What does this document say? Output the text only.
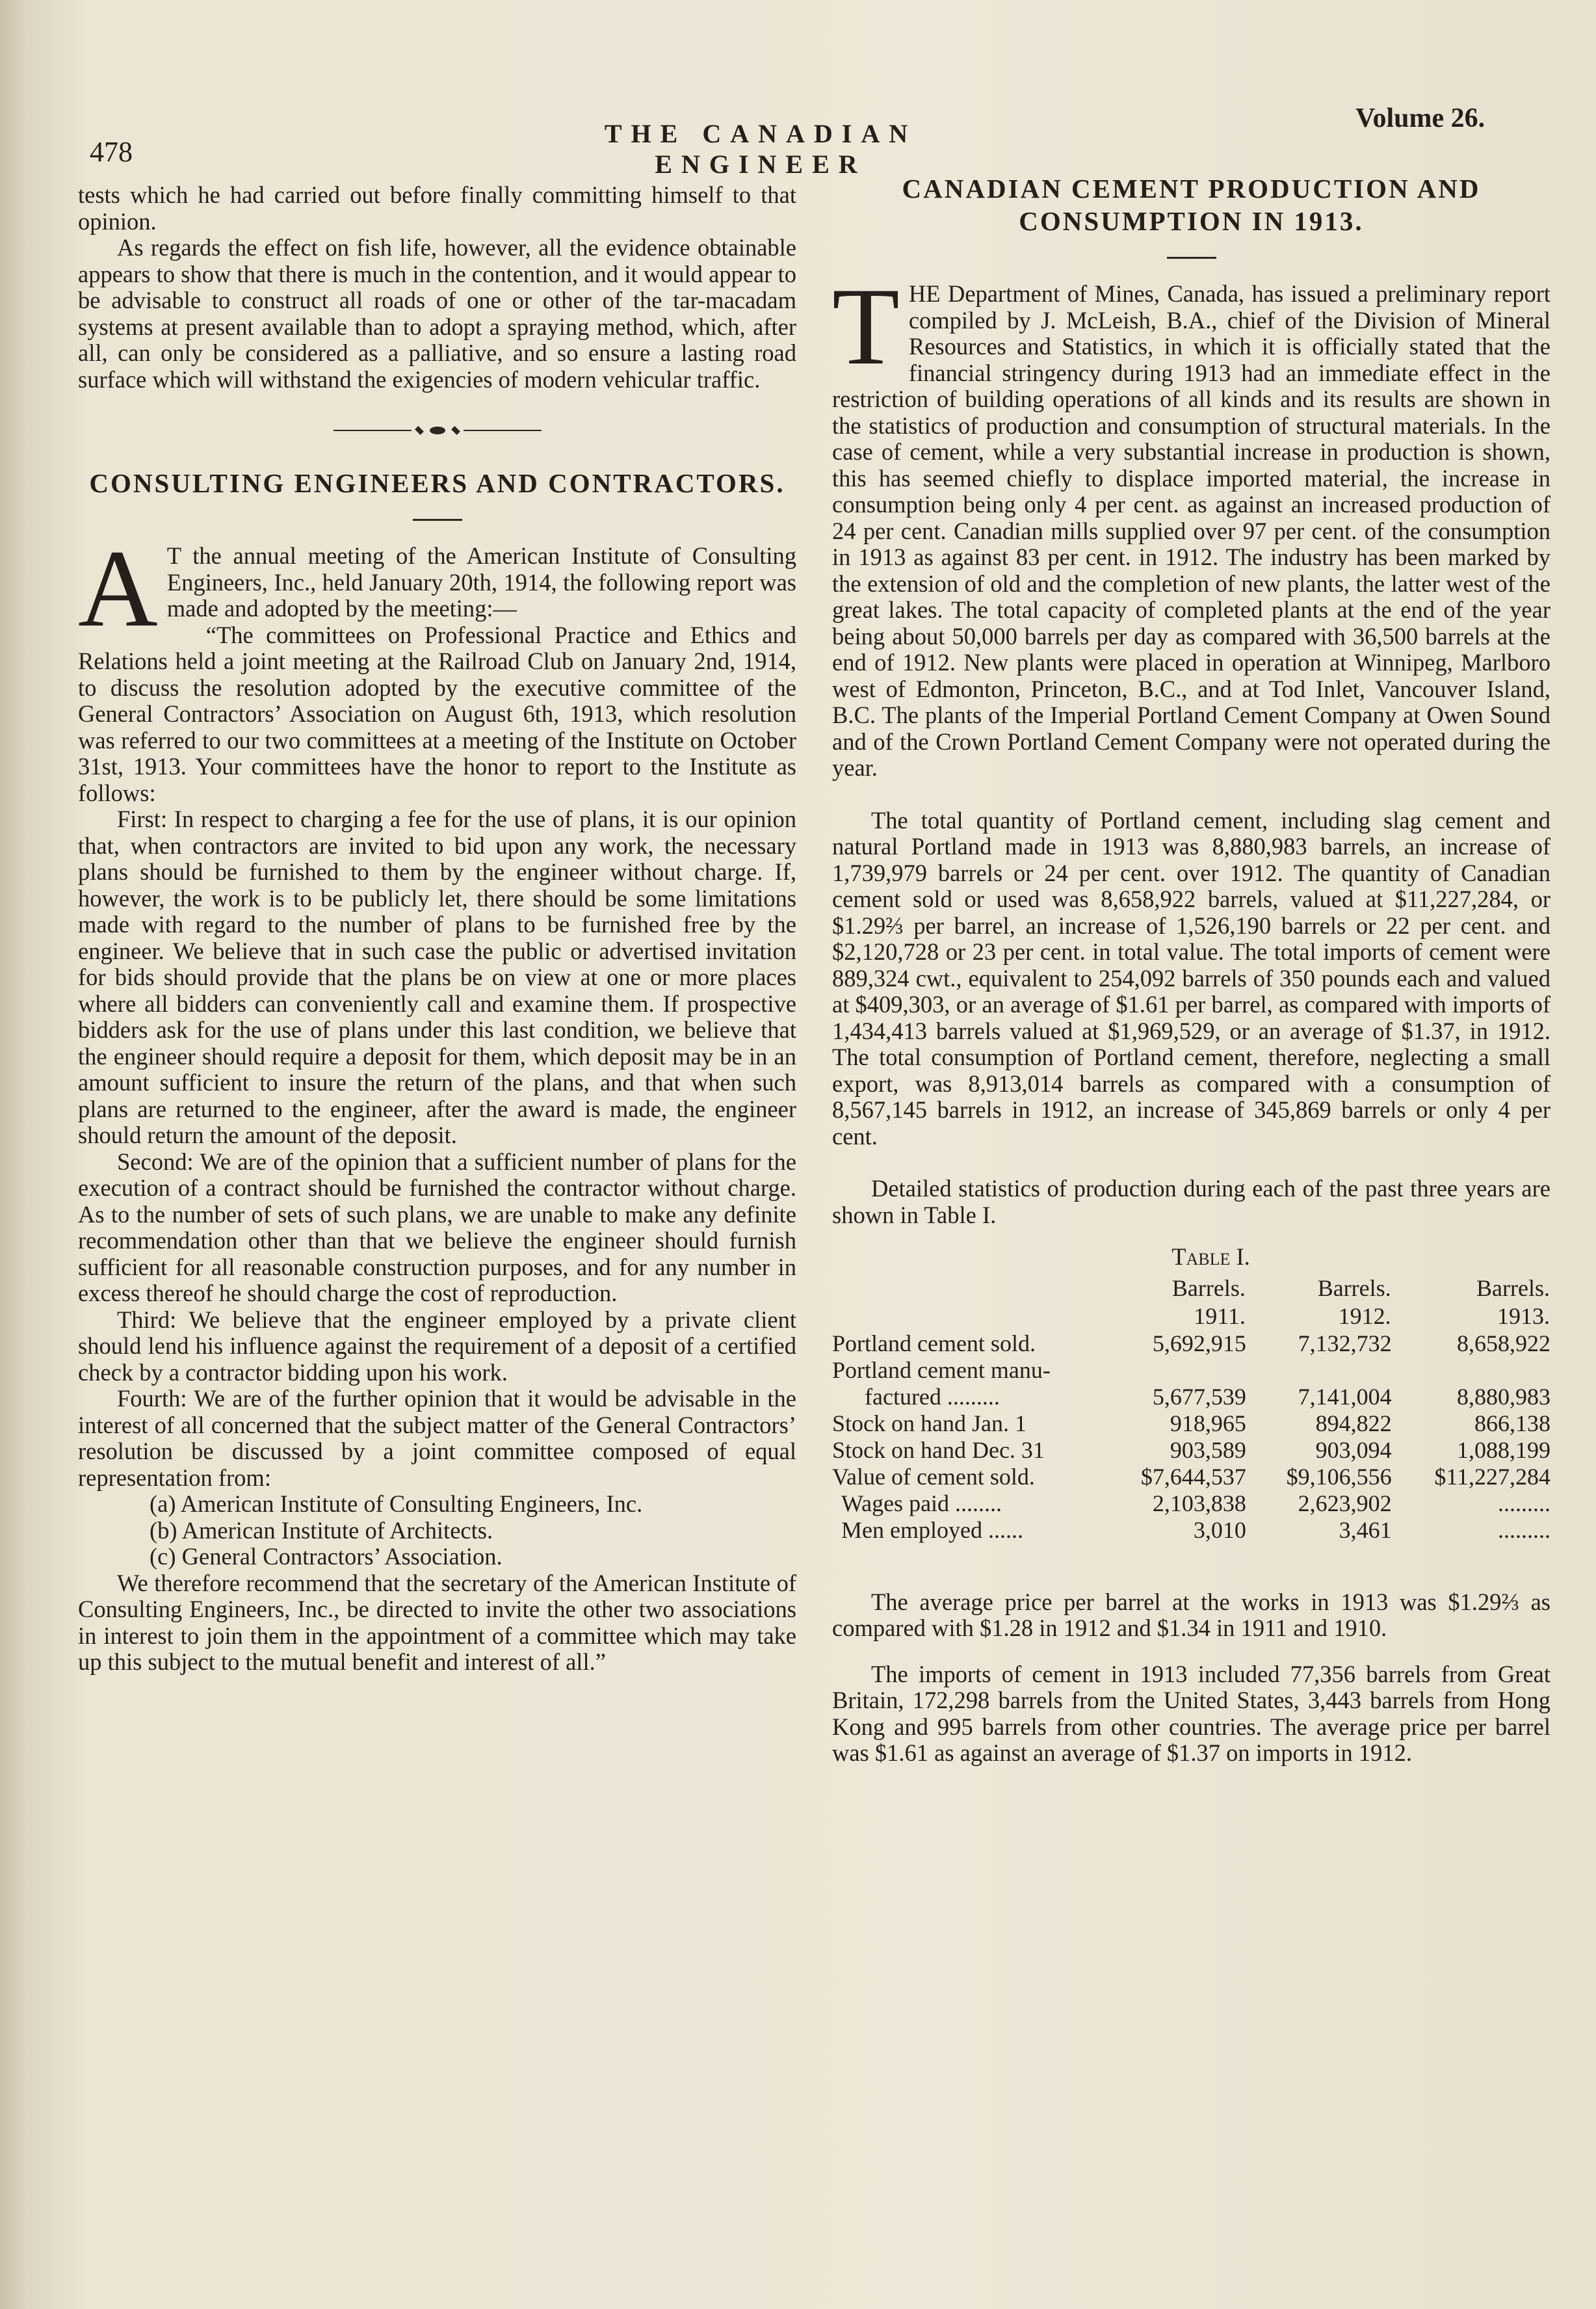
478
THE CANADIAN ENGINEER
Volume 26.

tests which he had carried out before finally committing himself to that opinion.

As regards the effect on fish life, however, all the evidence obtainable appears to show that there is much in the contention, and it would appear to be advisable to construct all roads of one or other of the tar-macadam systems at present available than to adopt a spraying method, which, after all, can only be considered as a palliative, and so ensure a lasting road surface which will withstand the exigencies of modern vehicular traffic.

CONSULTING ENGINEERS AND CONTRACTORS.

A T the annual meeting of the American Institute of Consulting Engineers, Inc., held January 20th, 1914, the following report was made and adopted by the meeting:—

“The committees on Professional Practice and Ethics and Relations held a joint meeting at the Railroad Club on January 2nd, 1914, to discuss the resolution adopted by the executive committee of the General Contractors’ Association on August 6th, 1913, which resolution was referred to our two committees at a meeting of the Institute on October 31st, 1913. Your committees have the honor to report to the Institute as follows:

First: In respect to charging a fee for the use of plans, it is our opinion that, when contractors are invited to bid upon any work, the necessary plans should be furnished to them by the engineer without charge. If, however, the work is to be publicly let, there should be some limitations made with regard to the number of plans to be furnished free by the engineer. We believe that in such case the public or advertised invitation for bids should provide that the plans be on view at one or more places where all bidders can conveniently call and examine them. If prospective bidders ask for the use of plans under this last condition, we believe that the engineer should require a deposit for them, which deposit may be in an amount sufficient to insure the return of the plans, and that when such plans are returned to the engineer, after the award is made, the engineer should return the amount of the deposit.

Second: We are of the opinion that a sufficient number of plans for the execution of a contract should be furnished the contractor without charge. As to the number of sets of such plans, we are unable to make any definite recommendation other than that we believe the engineer should furnish sufficient for all reasonable construction purposes, and for any number in excess thereof he should charge the cost of reproduction.

Third: We believe that the engineer employed by a private client should lend his influence against the requirement of a deposit of a certified check by a contractor bidding upon his work.

Fourth: We are of the further opinion that it would be advisable in the interest of all concerned that the subject matter of the General Contractors’ resolution be discussed by a joint committee composed of equal representation from:

(a) American Institute of Consulting Engineers, Inc.

(b) American Institute of Architects.

(c) General Contractors’ Association.

We therefore recommend that the secretary of the American Institute of Consulting Engineers, Inc., be directed to invite the other two associations in interest to join them in the appointment of a committee which may take up this subject to the mutual benefit and interest of all.”

CANADIAN CEMENT PRODUCTION AND CONSUMPTION IN 1913.

THE Department of Mines, Canada, has issued a preliminary report compiled by J. McLeish, B.A., chief of the Division of Mineral Resources and Statistics, in which it is officially stated that the financial stringency during 1913 had an immediate effect in the restriction of building operations of all kinds and its results are shown in the statistics of production and consumption of structural materials. In the case of cement, while a very substantial increase in production is shown, this has seemed chiefly to displace imported material, the increase in consumption being only 4 per cent. as against an increased production of 24 per cent. Canadian mills supplied over 97 per cent. of the consumption in 1913 as against 83 per cent. in 1912. The industry has been marked by the extension of old and the completion of new plants, the latter west of the great lakes. The total capacity of completed plants at the end of the year being about 50,000 barrels per day as compared with 36,500 barrels at the end of 1912. New plants were placed in operation at Winnipeg, Marlboro west of Edmonton, Princeton, B.C., and at Tod Inlet, Vancouver Island, B.C. The plants of the Imperial Portland Cement Company at Owen Sound and of the Crown Portland Cement Company were not operated during the year.

The total quantity of Portland cement, including slag cement and natural Portland made in 1913 was 8,880,983 barrels, an increase of 1,739,979 barrels or 24 per cent. over 1912. The quantity of Canadian cement sold or used was 8,658,922 barrels, valued at $11,227,284, or $1.29⅔ per barrel, an increase of 1,526,190 barrels or 22 per cent. and $2,120,728 or 23 per cent. in total value. The total imports of cement were 889,324 cwt., equivalent to 254,092 barrels of 350 pounds each and valued at $409,303, or an average of $1.61 per barrel, as compared with imports of 1,434,413 barrels valued at $1,969,529, or an average of $1.37, in 1912. The total consumption of Portland cement, therefore, neglecting a small export, was 8,913,014 barrels as compared with a consumption of 8,567,145 barrels in 1912, an increase of 345,869 barrels or only 4 per cent.

Detailed statistics of production during each of the past three years are shown in Table I.

Table I.
	Barrels.	Barrels.	Barrels.
	1911.	1912.	1913.
Portland cement sold.	5,692,915	7,132,732	8,658,922
Portland cement manu-			
factured .........	5,677,539	7,141,004	8,880,983
Stock on hand Jan. 1	918,965	894,822	866,138
Stock on hand Dec. 31	903,589	903,094	1,088,199
Value of cement sold.	$7,644,537	$9,106,556	$11,227,284
Wages paid ........	2,103,838	2,623,902	.........
Men employed ......	3,010	3,461	.........

The average price per barrel at the works in 1913 was $1.29⅔ as compared with $1.28 in 1912 and $1.34 in 1911 and 1910.

The imports of cement in 1913 included 77,356 barrels from Great Britain, 172,298 barrels from the United States, 3,443 barrels from Hong Kong and 995 barrels from other countries. The average price per barrel was $1.61 as against an average of $1.37 on imports in 1912.
